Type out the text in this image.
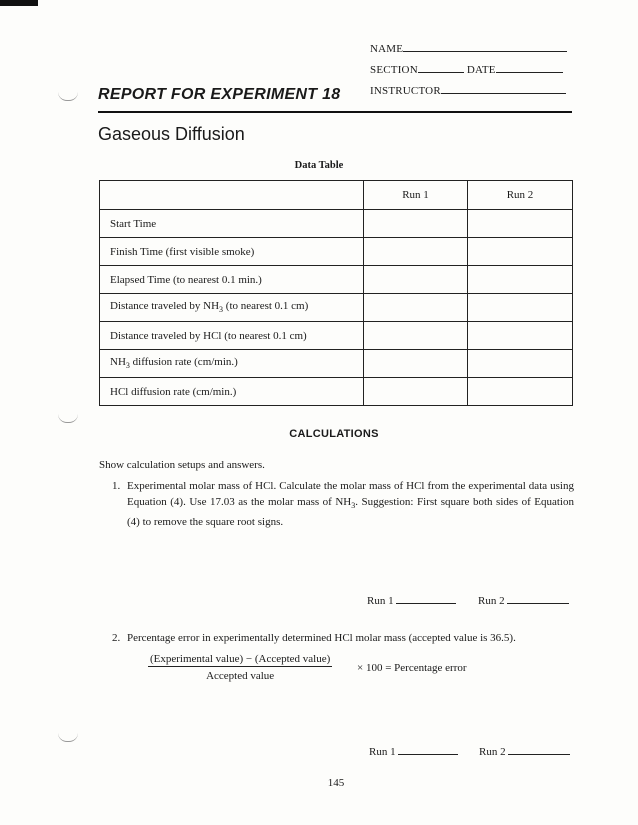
NAME
SECTION	DATE
INSTRUCTOR
REPORT FOR EXPERIMENT 18
Gaseous Diffusion
Data Table
	Run 1	Run 2
Start Time		
Finish Time (first visible smoke)		
Elapsed Time (to nearest 0.1 min.)		
Distance traveled by $NH_3$ (to nearest 0.1 cm)		
Distance traveled by HCl (to nearest 0.1 cm)		
$NH_3$ diffusion rate (cm/min.)		
HCl diffusion rate (cm/min.)		
CALCULATIONS
Show calculation setups and answers.
1. Experimental molar mass of HCl. Calculate the molar mass of HCl from the experimental data using Equation (4). Use 17.03 as the molar mass of $NH_3$. Suggestion: First square both sides of Equation (4) to remove the square root signs.
Run 1	Run 2
2. Percentage error in experimentally determined HCl molar mass (accepted value is 36.5).
(Experimental value) − (Accepted value)
Accepted value
× 100 = Percentage error
Run 1	Run 2
145
